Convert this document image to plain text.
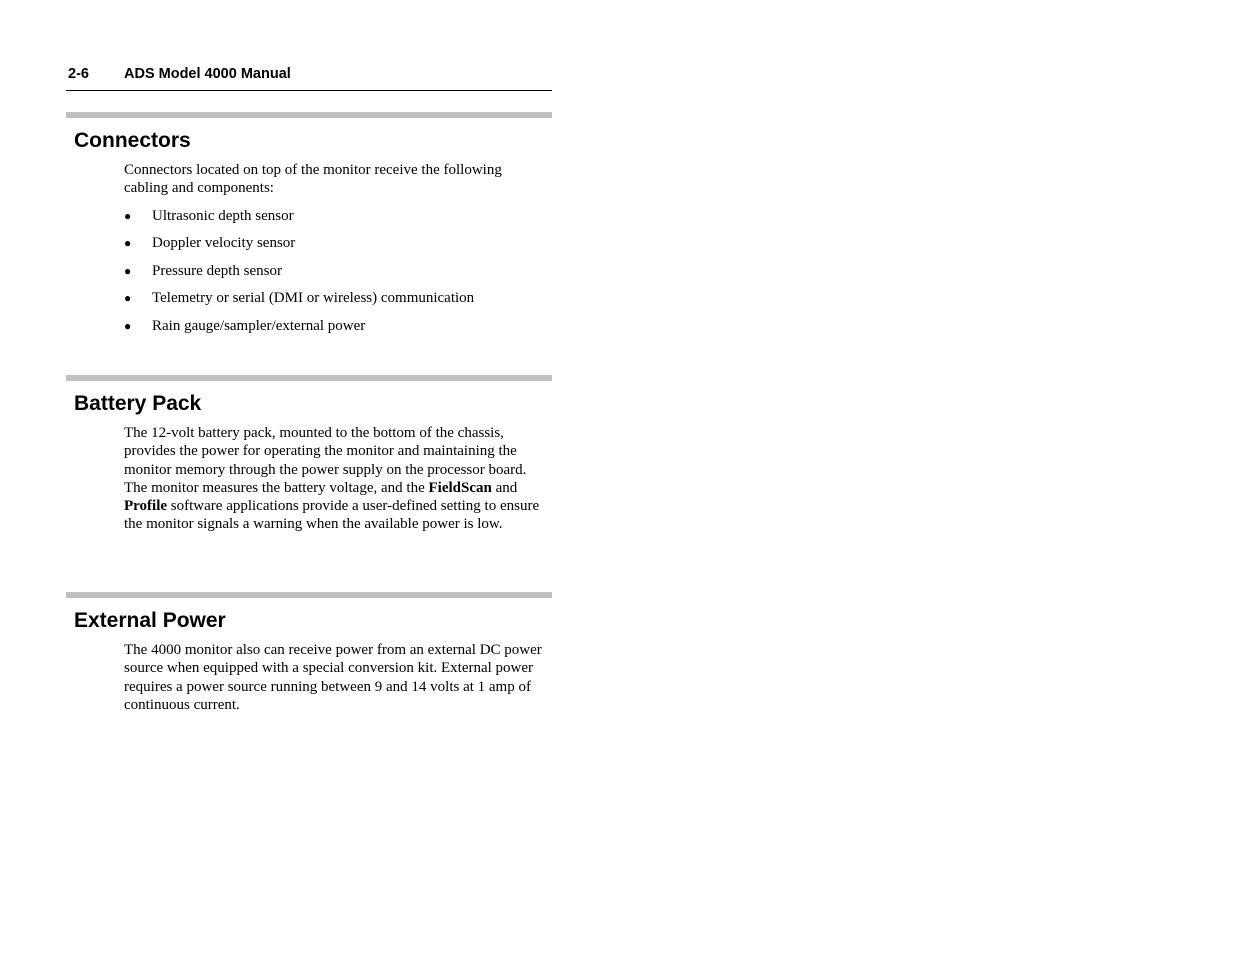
2-6 ADS Model 4000 Manual
Connectors
Connectors located on top of the monitor receive the following cabling and components:
● Ultrasonic depth sensor
● Doppler velocity sensor
● Pressure depth sensor
● Telemetry or serial (DMI or wireless) communication
● Rain gauge/sampler/external power
Battery Pack
The 12-volt battery pack, mounted to the bottom of the chassis, provides the power for operating the monitor and maintaining the monitor memory through the power supply on the processor board. The monitor measures the battery voltage, and the FieldScan and Profile software applications provide a user-defined setting to ensure the monitor signals a warning when the available power is low.
External Power
The 4000 monitor also can receive power from an external DC power source when equipped with a special conversion kit. External power requires a power source running between 9 and 14 volts at 1 amp of continuous current.
